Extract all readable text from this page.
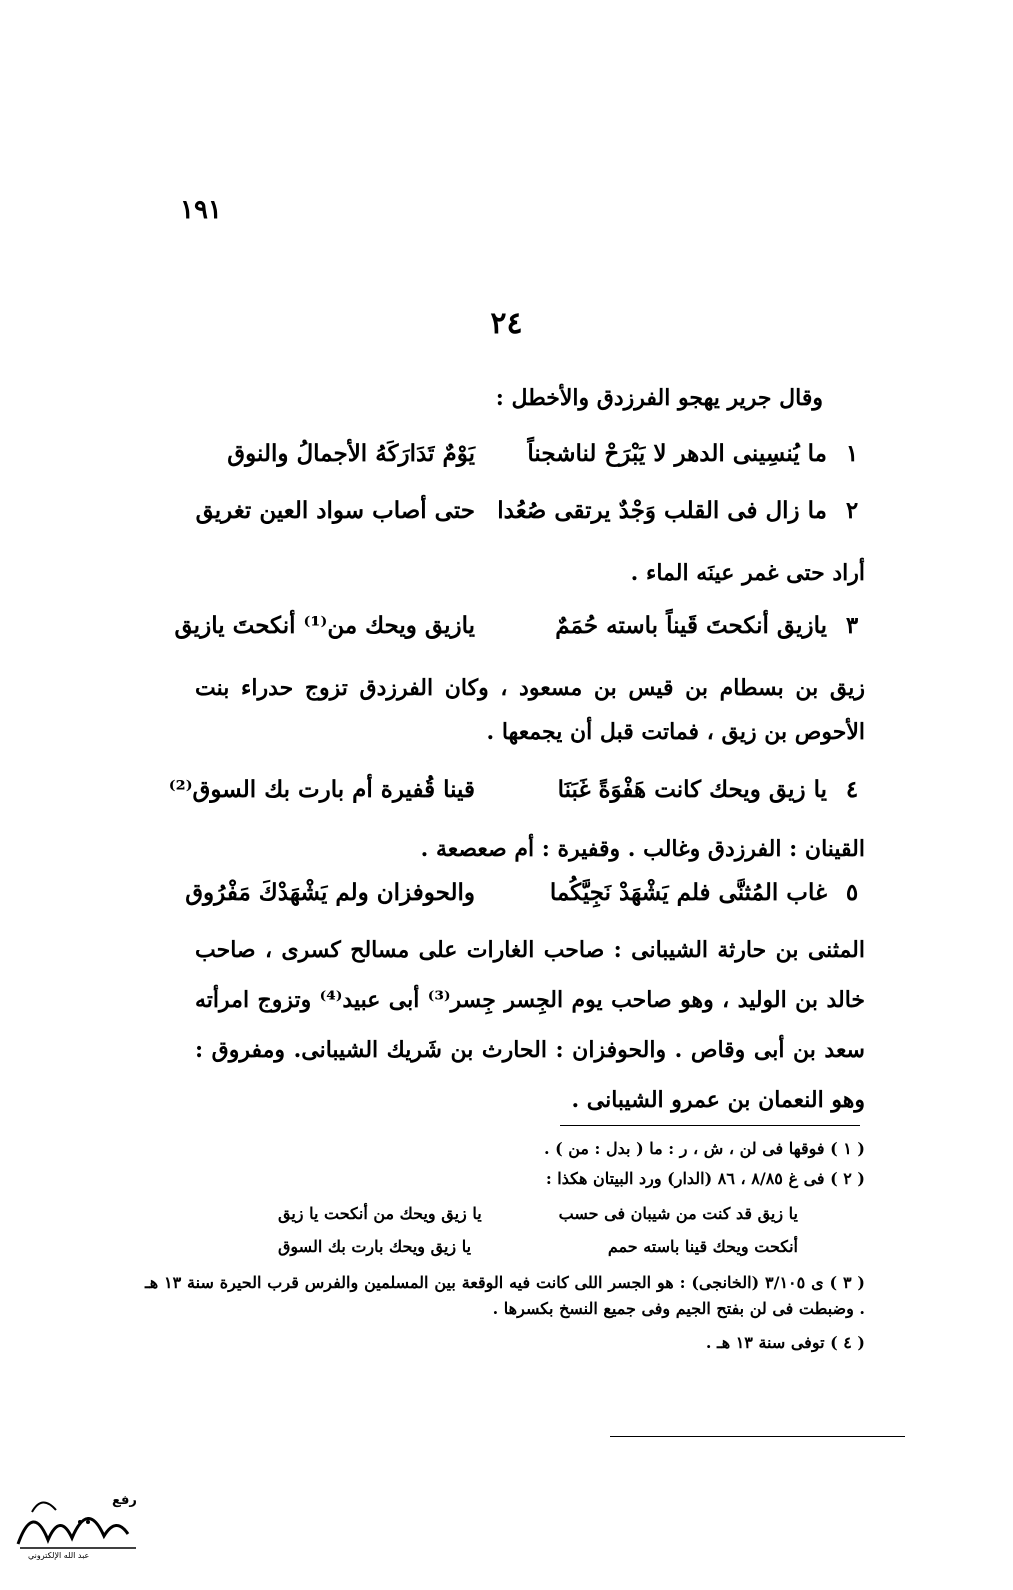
١٩١
٢٤
وقال جرير يهجو الفرزدق والأخطل :
١
ما يُنسِينى الدهر لا يَبْرَحْ لناشجناً
يَوْمٌ تَدَارَكَهُ الأجمالُ والنوق
٢
ما زال فى القلب وَجْدٌ يرتقى صُعُدا
حتى أصاب سواد العين تغريق
أراد حتى غمر عينَه الماء .
٣
يازيق أنكحتَ قَيناً باسته حُمَمٌ
يازيق ويحك من⁽¹⁾ أنكحتَ يازيق
زيق بن بسطام بن قيس بن مسعود ، وكان الفرزدق تزوج حدراء بنت الأحوص بن زيق ، فماتت قبل أن يجمعها .
٤
يا زيق ويحك كانت هَفْوَةً غَبَنَا
قينا قُفيرة أم بارت بك السوق⁽²⁾
القينان : الفرزدق وغالب . وقفيرة : أم صعصعة .
٥
غاب المُثنَّى فلم يَشْهَدْ نَجِيَّكُما
والحوفزان ولم يَشْهَدْكَ مَفْرُوق
المثنى بن حارثة الشيبانى : صاحب الغارات على مسالح كسرى ، صاحب خالد بن الوليد ، وهو صاحب يوم الجِسر جِسر⁽³⁾ أبى عبيد⁽⁴⁾ وتزوج امرأته سعد بن أبى وقاص . والحوفزان : الحارث بن شَريك الشيبانى. ومفروق : وهو النعمان بن عمرو الشيبانى .
( ١ ) فوقها فى لن ، ش ، ر : ما ( بدل : من ) .
( ٢ ) فى غ ٨/٨٥ ، ٨٦ (الدار) ورد البيتان هكذا :
يا زيق قد كنت من شيبان فى حسب
يا زيق ويحك من أنكحت يا زيق
أنكحت ويحك قينا باسته حمم
يا زيق ويحك بارت بك السوق
( ٣ ) ى ٣/١٠٥ (الخانجى) : هو الجسر اللى كانت فيه الوقعة بين المسلمين والفرس قرب الحيرة سنة ١٣ هـ . وضبطت فى لن بفتح الجيم وفى جميع النسخ بكسرها .
( ٤ ) توفى سنة ١٣ هـ .
رفع
عبد الله الإلكتروني
